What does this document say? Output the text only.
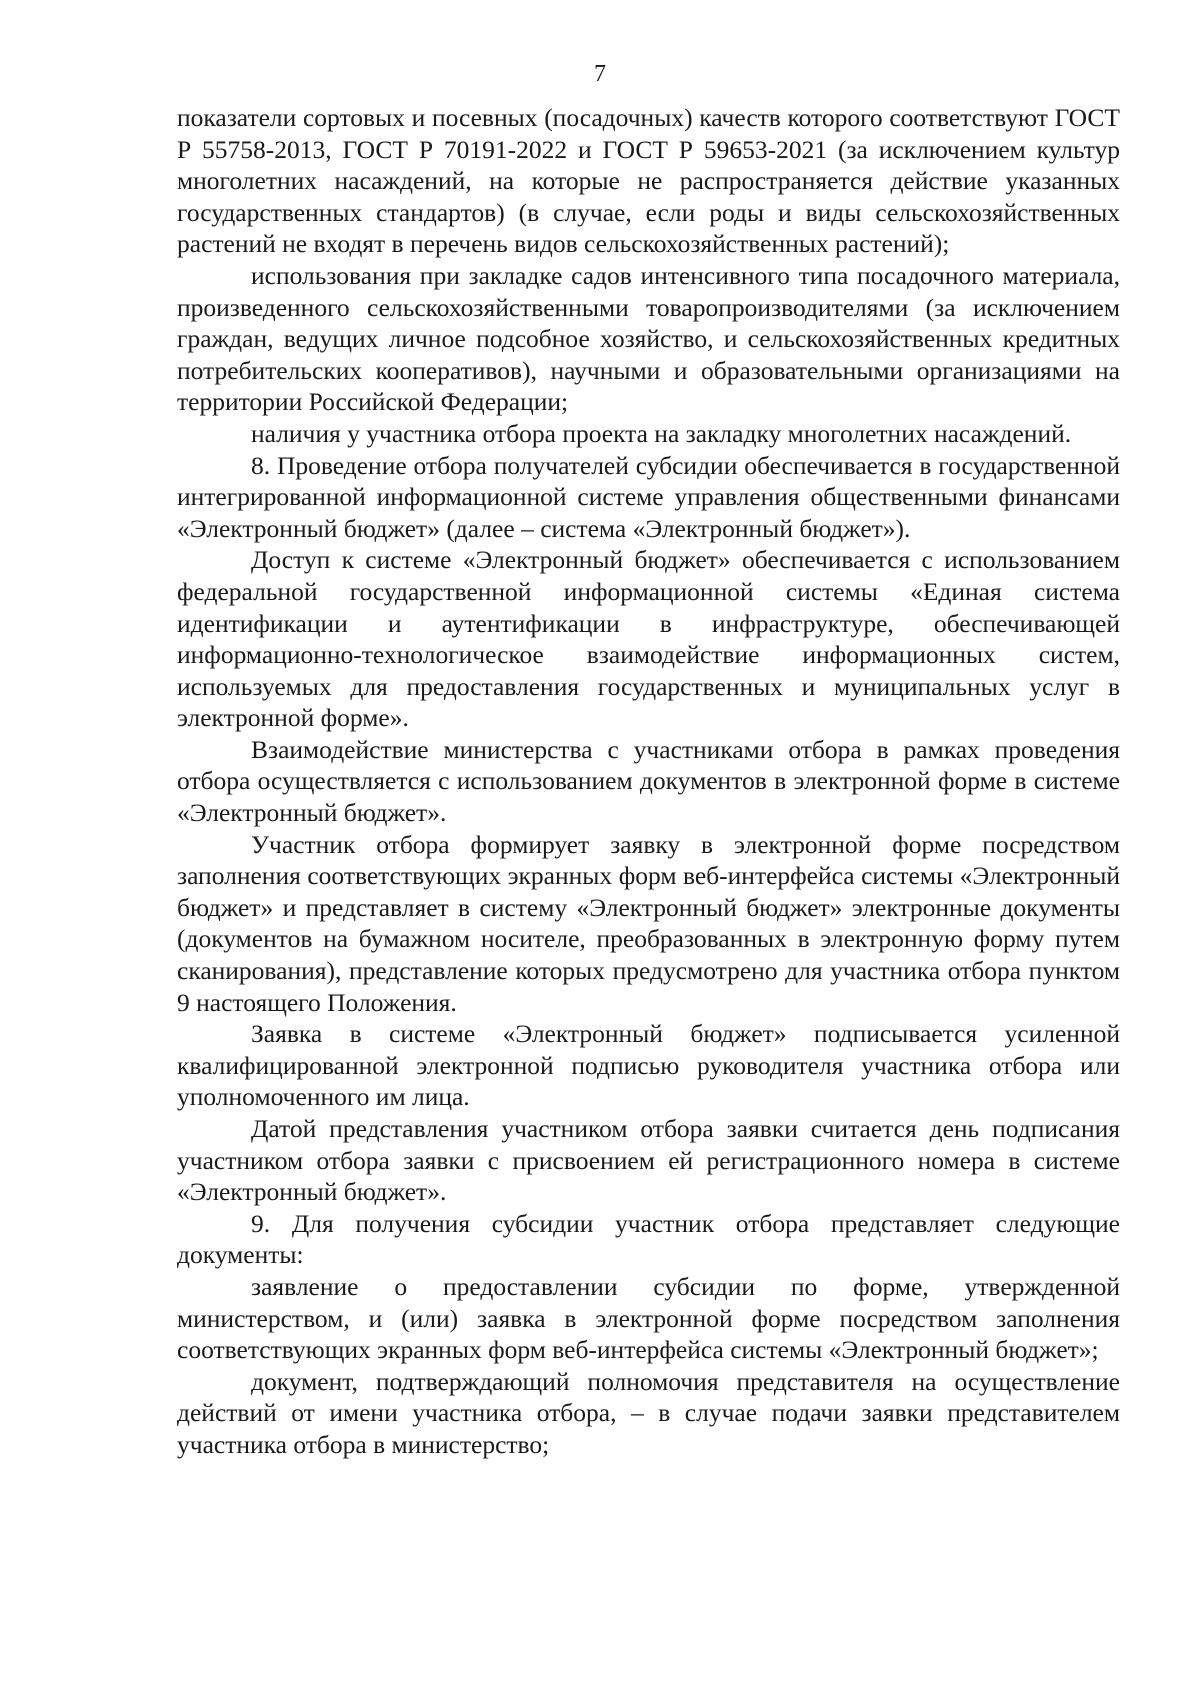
7

показатели сортовых и посевных (посадочных) качеств которого соответствуют ГОСТ Р 55758-2013, ГОСТ Р 70191-2022 и ГОСТ Р 59653-2021 (за исключением культур многолетних насаждений, на которые не распространяется действие указанных государственных стандартов) (в случае, если роды и виды сельскохозяйственных растений не входят в перечень видов сельскохозяйственных растений);

использования при закладке садов интенсивного типа посадочного материала, произведенного сельскохозяйственными товаропроизводителями (за исключением граждан, ведущих личное подсобное хозяйство, и сельскохозяйственных кредитных потребительских кооперативов), научными и образовательными организациями на территории Российской Федерации;

наличия у участника отбора проекта на закладку многолетних насаждений.

8. Проведение отбора получателей субсидии обеспечивается в государственной интегрированной информационной системе управления общественными финансами «Электронный бюджет» (далее – система «Электронный бюджет»).

Доступ к системе «Электронный бюджет» обеспечивается с использованием федеральной государственной информационной системы «Единая система идентификации и аутентификации в инфраструктуре, обеспечивающей информационно-технологическое взаимодействие информационных систем, используемых для предоставления государственных и муниципальных услуг в электронной форме».

Взаимодействие министерства с участниками отбора в рамках проведения отбора осуществляется с использованием документов в электронной форме в системе «Электронный бюджет».

Участник отбора формирует заявку в электронной форме посредством заполнения соответствующих экранных форм веб-интерфейса системы «Электронный бюджет» и представляет в систему «Электронный бюджет» электронные документы (документов на бумажном носителе, преобразованных в электронную форму путем сканирования), представление которых предусмотрено для участника отбора пунктом 9 настоящего Положения.

Заявка в системе «Электронный бюджет» подписывается усиленной квалифицированной электронной подписью руководителя участника отбора или уполномоченного им лица.

Датой представления участником отбора заявки считается день подписания участником отбора заявки с присвоением ей регистрационного номера в системе «Электронный бюджет».

9. Для получения субсидии участник отбора представляет следующие документы:

заявление о предоставлении субсидии по форме, утвержденной министерством, и (или) заявка в электронной форме посредством заполнения соответствующих экранных форм веб-интерфейса системы «Электронный бюджет»;

документ, подтверждающий полномочия представителя на осуществление действий от имени участника отбора, – в случае подачи заявки представителем участника отбора в министерство;
